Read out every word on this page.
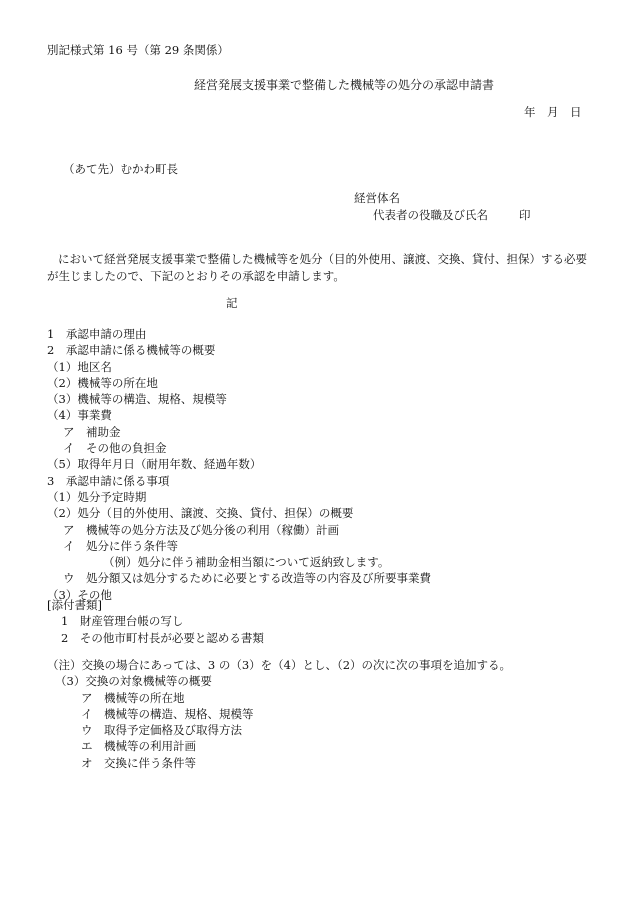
別記様式第 16 号（第 29 条関係）
経営発展支援事業で整備した機械等の処分の承認申請書
年　月　日
（あて先）むかわ町長
経営体名
代表者の役職及び氏名	印
において経営発展支援事業で整備した機械等を処分（目的外使用、譲渡、交換、貸付、担保）する必要が生じましたので、下記のとおりその承認を申請します。
記
1　承認申請の理由
2　承認申請に係る機械等の概要
（1）地区名
（2）機械等の所在地
（3）機械等の構造、規格、規模等
（4）事業費
ア　補助金
イ　その他の負担金
（5）取得年月日（耐用年数、経過年数）
3　承認申請に係る事項
（1）処分予定時期
（2）処分（目的外使用、譲渡、交換、貸付、担保）の概要
ア　機械等の処分方法及び処分後の利用（稼働）計画
イ　処分に伴う条件等
（例）処分に伴う補助金相当額について返納致します。
ウ　処分額又は処分するために必要とする改造等の内容及び所要事業費
（3）その他
[添付書類]
1　財産管理台帳の写し
2　その他市町村長が必要と認める書類
（注）交換の場合にあっては、3 の（3）を（4）とし、（2）の次に次の事項を追加する。
（3）交換の対象機械等の概要
ア　機械等の所在地
イ　機械等の構造、規格、規模等
ウ　取得予定価格及び取得方法
エ　機械等の利用計画
オ　交換に伴う条件等
